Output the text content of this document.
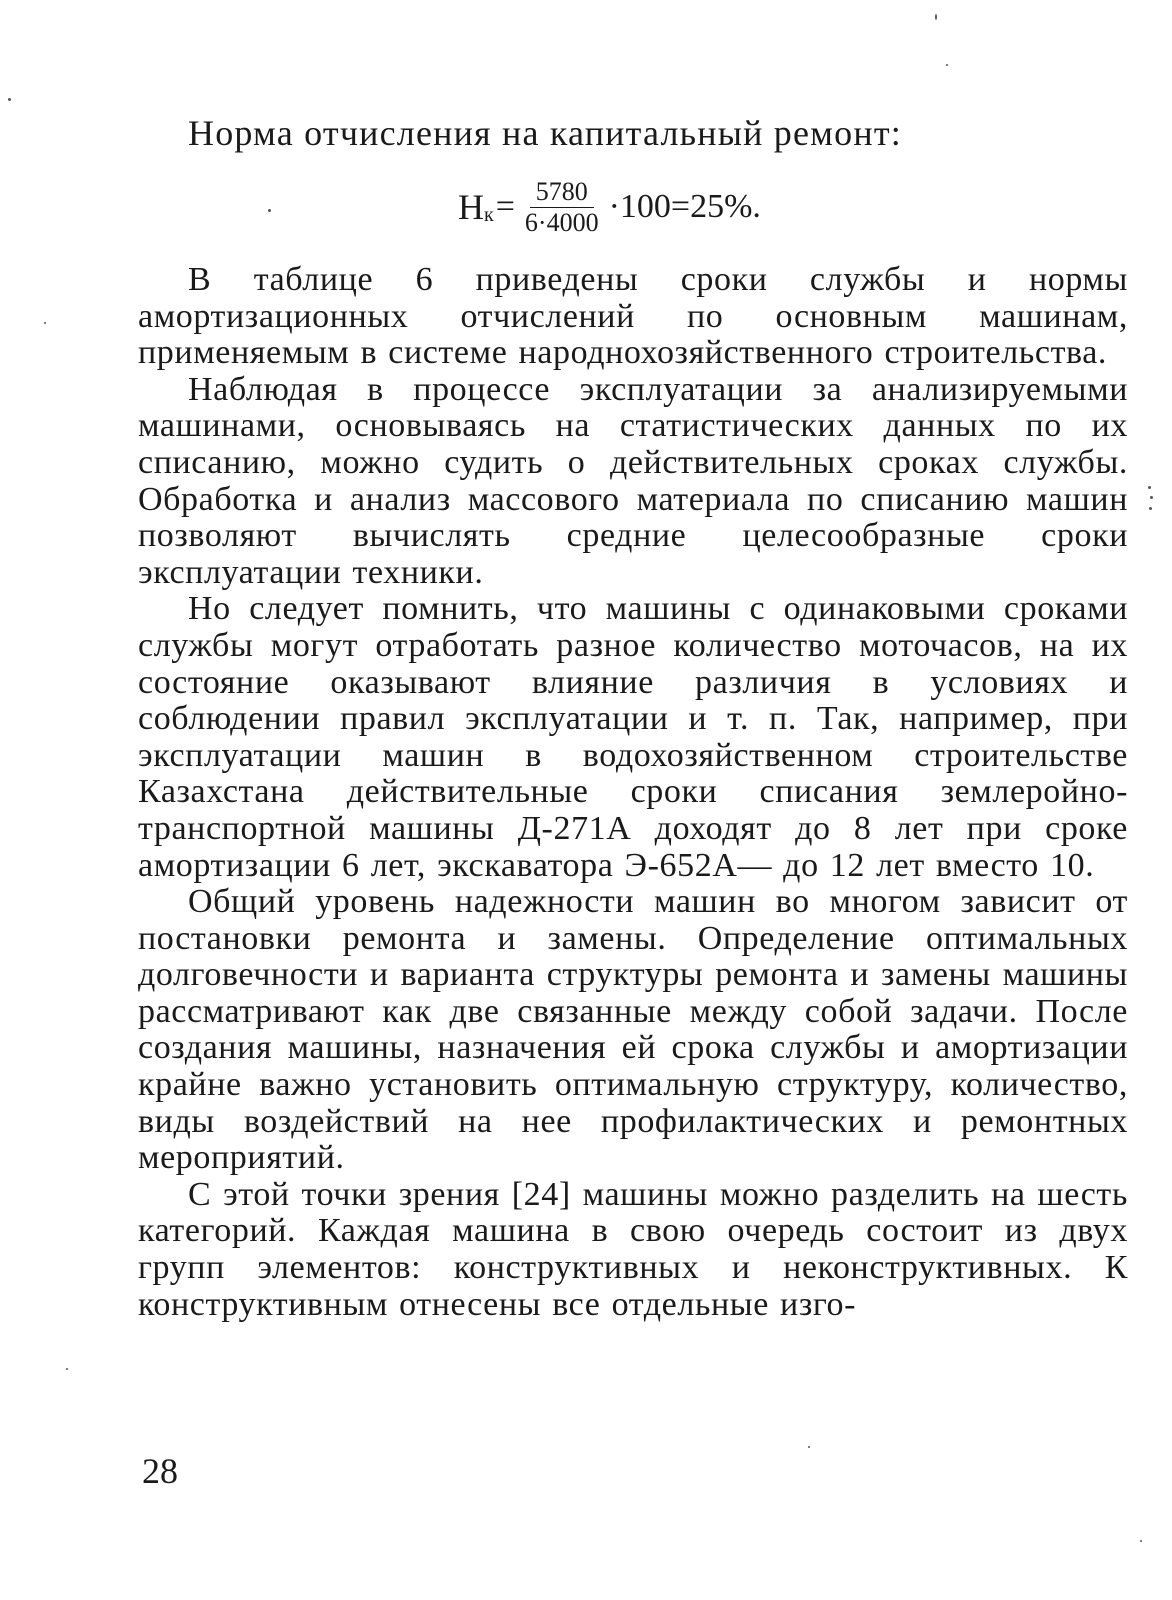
Норма отчисления на капитальный ремонт:
Н $к = \frac{5780}{6\cdot 4000} \cdot 100=25\%$.

В таблице 6 приведены сроки службы и нормы амортизационных отчислений по основным машинам, применяемым в системе народнохозяйственного строительства.

Наблюдая в процессе эксплуатации за анализируемыми машинами, основываясь на статистических данных по их списанию, можно судить о действительных сроках службы. Обработка и анализ массового материала по списанию машин позволяют вычислять средние целесообразные сроки эксплуатации техники.

Но следует помнить, что машины с одинаковыми сроками службы могут отработать разное количество моточасов, на их состояние оказывают влияние различия в условиях и соблюдении правил эксплуатации и т. п. Так, например, при эксплуатации машин в водохозяйственном строительстве Казахстана действительные сроки списания землеройно-транспортной машины Д-271А доходят до 8 лет при сроке амортизации 6 лет, экскаватора Э-652А— до 12 лет вместо 10.

Общий уровень надежности машин во многом зависит от постановки ремонта и замены. Определение оптимальных долговечности и варианта структуры ремонта и замены машины рассматривают как две связанные между собой задачи. После создания машины, назначения ей срока службы и амортизации крайне важно установить оптимальную структуру, количество, виды воздействий на нее профилактических и ремонтных мероприятий.

С этой точки зрения [24] машины можно разделить на шесть категорий. Каждая машина в свою очередь состоит из двух групп элементов: конструктивных и неконструктивных. К конструктивным отнесены все отдельные изго-

28
